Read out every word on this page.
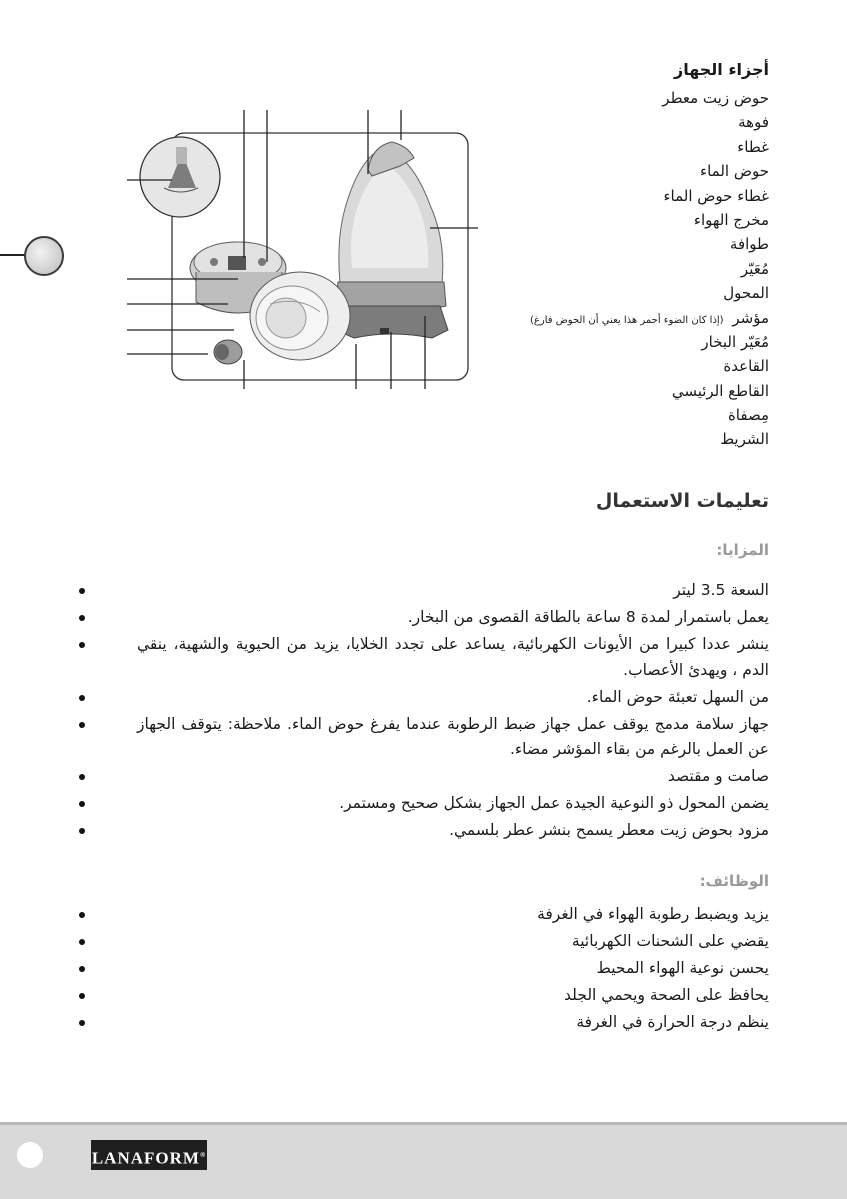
أجزاء الجهاز
حوض زيت معطر
فوهة
غطاء
حوض الماء
غطاء حوض الماء
مخرج الهواء
طوافة
مُعَيّر
المحول
مؤشر (إذا كان الضوء أحمر هذا يعني أن الحوض فارغ)
مُعَيّر البخار
القاعدة
القاطع الرئيسي
مِصفاة
الشريط
تعليمات الاستعمال
المزايا:
السعة 3.5 ليتر
يعمل باستمرار لمدة 8 ساعة بالطاقة القصوى من البخار.
ينشر عددا كبيرا من الأيونات الكهربائية، يساعد على تجدد الخلايا، يزيد من الحيوية والشهية، ينقي الدم ، ويهدئ الأعصاب.
من السهل تعبئة حوض الماء.
جهاز سلامة مدمج يوقف عمل جهاز ضبط الرطوبة عندما يفرغ حوض الماء. ملاحظة: يتوقف الجهاز عن العمل بالرغم من بقاء المؤشر مضاء.
صامت و مقتصد
يضمن المحول ذو النوعية الجيدة عمل الجهاز بشكل صحيح ومستمر.
مزود بحوض زيت معطر يسمح بنشر عطر بلسمي.
الوظائف:
يزيد ويضبط رطوبة الهواء في الغرفة
يقضي على الشحنات الكهربائية
يحسن نوعية الهواء المحيط
يحافظ على الصحة ويحمي الجلد
ينظم درجة الحرارة في الغرفة
LANAFORM®
